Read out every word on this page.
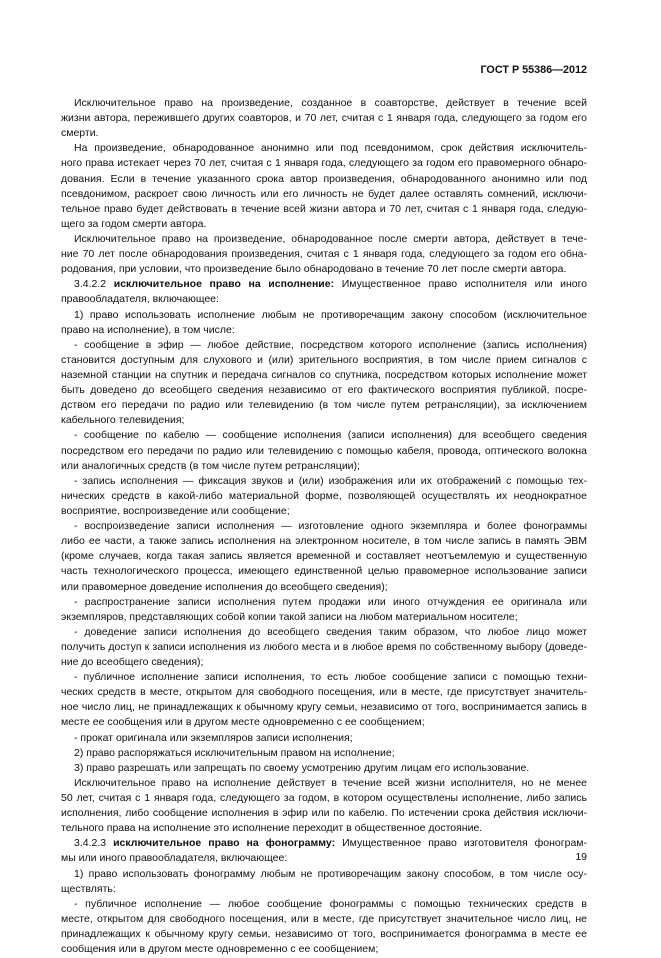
ГОСТ Р 55386—2012
Исключительное право на произведение, созданное в соавторстве, действует в течение всей
жизни автора, пережившего других соавторов, и 70 лет, считая с 1 января года, следующего за годом его
смерти.
На произведение, обнародованное анонимно или под псевдонимом, срок действия исключитель-
ного права истекает через 70 лет, считая с 1 января года, следующего за годом его правомерного обнаро-
дования. Если в течение указанного срока автор произведения, обнародованного анонимно или под
псевдонимом, раскроет свою личность или его личность не будет далее оставлять сомнений, исключи-
тельное право будет действовать в течение всей жизни автора и 70 лет, считая с 1 января года, следую-
щего за годом смерти автора.
Исключительное право на произведение, обнародованное после смерти автора, действует в тече-
ние 70 лет после обнародования произведения, считая с 1 января года, следующего за годом его обна-
родования, при условии, что произведение было обнародовано в течение 70 лет после смерти автора.
3.4.2.2 исключительное право на исполнение: Имущественное право исполнителя или иного
правообладателя, включающее:
1) право использовать исполнение любым не противоречащим закону способом (исключительное
право на исполнение), в том числе:
- сообщение в эфир — любое действие, посредством которого исполнение (запись исполнения)
становится доступным для слухового и (или) зрительного восприятия, в том числе прием сигналов с
наземной станции на спутник и передача сигналов со спутника, посредством которых исполнение может
быть доведено до всеобщего сведения независимо от его фактического восприятия публикой, посре-
дством его передачи по радио или телевидению (в том числе путем ретрансляции), за исключением
кабельного телевидения;
- сообщение по кабелю — сообщение исполнения (записи исполнения) для всеобщего сведения
посредством его передачи по радио или телевидению с помощью кабеля, провода, оптического волокна
или аналогичных средств (в том числе путем ретрансляции);
- запись исполнения — фиксация звуков и (или) изображения или их отображений с помощью тех-
нических средств в какой-либо материальной форме, позволяющей осуществлять их неоднократное
восприятие, воспроизведение или сообщение;
- воспроизведение записи исполнения — изготовление одного экземпляра и более фонограммы
либо ее части, а также запись исполнения на электронном носителе, в том числе запись в память ЭВМ
(кроме случаев, когда такая запись является временной и составляет неотъемлемую и существенную
часть технологического процесса, имеющего единственной целью правомерное использование записи
или правомерное доведение исполнения до всеобщего сведения);
- распространение записи исполнения путем продажи или иного отчуждения ее оригинала или
экземпляров, представляющих собой копии такой записи на любом материальном носителе;
- доведение записи исполнения до всеобщего сведения таким образом, что любое лицо может
получить доступ к записи исполнения из любого места и в любое время по собственному выбору (доведе-
ние до всеобщего сведения);
- публичное исполнение записи исполнения, то есть любое сообщение записи с помощью техни-
ческих средств в месте, открытом для свободного посещения, или в месте, где присутствует значитель-
ное число лиц, не принадлежащих к обычному кругу семьи, независимо от того, воспринимается запись в
месте ее сообщения или в другом месте одновременно с ее сообщением;
- прокат оригинала или экземпляров записи исполнения;
2) право распоряжаться исключительным правом на исполнение;
3) право разрешать или запрещать по своему усмотрению другим лицам его использование.
Исключительное право на исполнение действует в течение всей жизни исполнителя, но не менее
50 лет, считая с 1 января года, следующего за годом, в котором осуществлены исполнение, либо запись
исполнения, либо сообщение исполнения в эфир или по кабелю. По истечении срока действия исключи-
тельного права на исполнение это исполнение переходит в общественное достояние.
3.4.2.3 исключительное право на фонограмму: Имущественное право изготовителя фонограм-
мы или иного правообладателя, включающее:
1) право использовать фонограмму любым не противоречащим закону способом, в том числе осу-
ществлять:
- публичное исполнение — любое сообщение фонограммы с помощью технических средств в
месте, открытом для свободного посещения, или в месте, где присутствует значительное число лиц, не
принадлежащих к обычному кругу семьи, независимо от того, воспринимается фонограмма в месте ее
сообщения или в другом месте одновременно с ее сообщением;
19
